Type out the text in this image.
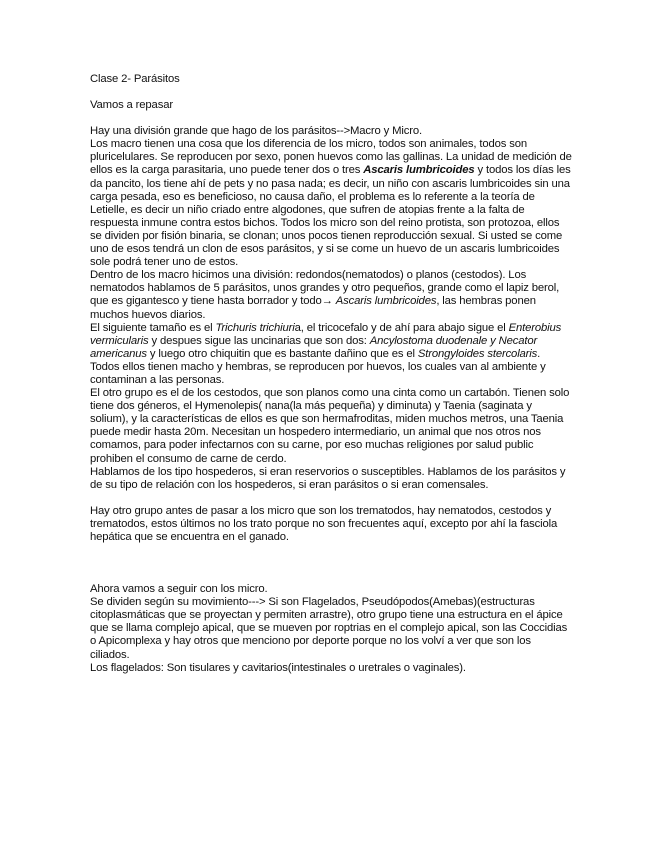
Clase 2- Parásitos

Vamos a repasar

Hay una división grande que hago de los parásitos-->Macro y Micro.

Los macro tienen una cosa que los diferencia de los micro, todos son animales, todos son pluricelulares. Se reproducen por sexo, ponen huevos como las gallinas. La unidad de medición de ellos es la carga parasitaria, uno puede tener dos o tres Ascaris lumbricoides y todos los días les da pancito, los tiene ahí de pets y no pasa nada; es decir, un niño con ascaris lumbricoides sin una carga pesada, eso es beneficioso, no causa daño, el problema es lo referente a la teoría de Letielle, es decir un niño criado entre algodones, que sufren de atopias frente a la falta de respuesta inmune contra estos bichos. Todos los micro son del reino protista, son protozoa, ellos se dividen por fisión binaria, se clonan; unos pocos tienen reproducción sexual. Si usted se come uno de esos tendrá un clon de esos parásitos, y si se come un huevo de un ascaris lumbricoides sole podrá tener uno de estos.

Dentro de los macro hicimos una división: redondos(nematodos) o planos (cestodos). Los nematodos hablamos de 5 parásitos, unos grandes y otro pequeños, grande como el lapiz berol, que es gigantesco y tiene hasta borrador y todo→ Ascaris lumbricoides, las hembras ponen muchos huevos diarios.

El siguiente tamaño es el Trichuris trichiuria, el tricocefalo y de ahí para abajo sigue el Enterobius vermicularis y despues sigue las uncinarias que son dos: Ancylostoma duodenale y Necator americanus y luego otro chiquitin que es bastante dañino que es el Strongyloides stercolaris. Todos ellos tienen macho y hembras, se reproducen por huevos, los cuales van al ambiente y contaminan a las personas.

El otro grupo es el de los cestodos, que son planos como una cinta como un cartabón. Tienen solo tiene dos géneros, el Hymenolepis( nana(la más pequeña) y diminuta) y Taenia (saginata y solium), y la características de ellos es que son hermafroditas, miden muchos metros, una Taenia puede medir hasta 20m. Necesitan un hospedero intermediario, un animal que nos otros nos comamos, para poder infectarnos con su carne, por eso muchas religiones por salud public prohiben el consumo de carne de cerdo.

Hablamos de los tipo hospederos, si eran reservorios o susceptibles. Hablamos de los parásitos y de su tipo de relación con los hospederos, si eran parásitos o si eran comensales.

Hay otro grupo antes de pasar a los micro que son los trematodos, hay nematodos, cestodos y trematodos, estos últimos no los trato porque no son frecuentes aquí, excepto por ahí la fasciola hepática que se encuentra en el ganado.

Ahora vamos a seguir con los micro.

Se dividen según su movimiento---> Si son Flagelados, Pseudópodos(Amebas)(estructuras citoplasmáticas que se proyectan y permiten arrastre), otro grupo tiene una estructura en el ápice que se llama complejo apical, que se mueven por roptrias en el complejo apical, son las Coccidias o Apicomplexa y hay otros que menciono por deporte porque no los volví a ver que son los ciliados.

Los flagelados: Son tisulares y cavitarios(intestinales o uretrales o vaginales).
